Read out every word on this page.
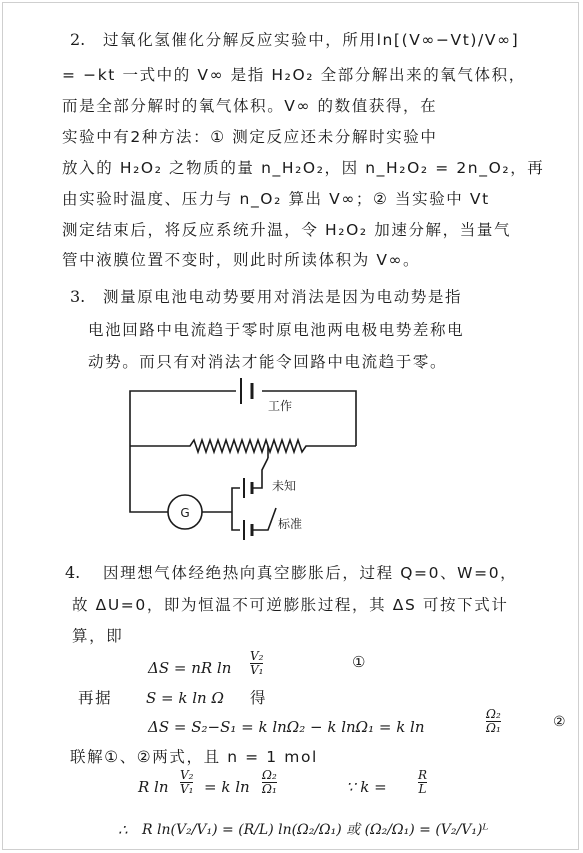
2. 过氧化氢催化分解反应实验中，所用ln[(V∞−Vt)/V∞]
= −kt 一式中的 V∞ 是指 H₂O₂ 全部分解出来的氧气体积，
而是全部分解时的氧气体积。V∞ 的数值获得，在
实验中有2种方法：① 测定反应还未分解时实验中
放入的 H₂O₂ 之物质的量 n_H₂O₂，因 n_H₂O₂ = 2n_O₂，再
由实验时温度、压力与 n_O₂ 算出 V∞；② 当实验中 Vt
测定结束后，将反应系统升温，令 H₂O₂ 加速分解，当量气
管中液膜位置不变时，则此时所读体积为 V∞。
3. 测量原电池电动势要用对消法是因为电动势是指
电池回路中电流趋于零时原电池两电极电势差称电
动势。而只有对消法才能令回路中电流趋于零。
G
工作
未知
标准
4. 因理想气体经绝热向真空膨胀后，过程 Q=0、W=0，
故 ΔU=0，即为恒温不可逆膨胀过程，其 ΔS 可按下式计
算，即
ΔS = nR ln
V₂
V₁	①
再据 S = k ln Ω 得
ΔS = S₂−S₁ = k lnΩ₂ − k lnΩ₁ = k ln
Ω₂
Ω₁	②
联解①、②两式，且 n = 1 mol
R ln
V₂
V₁ = k ln
Ω₂
Ω₁	∵ k =
R
L
∴ R ln(V₂/V₁) = (R/L) ln(Ω₂/Ω₁) 或 (Ω₂/Ω₁) = (V₂/V₁)ᴸ
